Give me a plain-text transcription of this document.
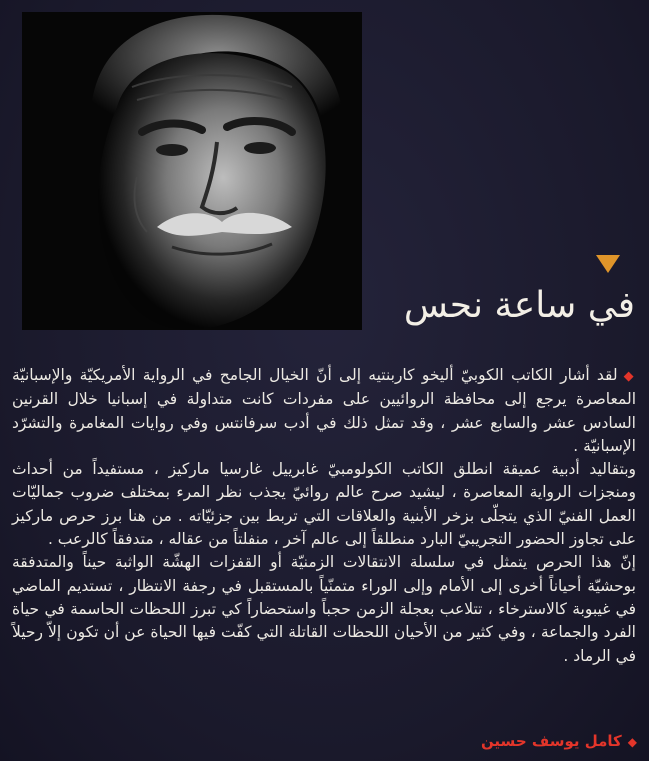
في ساعة نحس

◆لقد أشار الكاتب الكوبيّ أليخو كاربنتيه إلى أنّ الخيال الجامح في الرواية الأمريكيّة والإسبانيّة المعاصرة يرجع إلى محافظة الروائيين على مفردات كانت متداولة في إسبانيا خلال القرنين السادس عشر والسابع عشر ، وقد تمثل ذلك في أدب سرفانتس وفي روايات المغامرة والتشرّد الإسبانيّة .

وبتقاليد أدبية عميقة انطلق الكاتب الكولومبيّ غابرييل غارسيا ماركيز ، مستفيداً من أحداث ومنجزات الرواية المعاصرة ، ليشيد صرح عالم روائيّ يجذب نظر المرء بمختلف ضروب جماليّات العمل الفنيّ الذي يتجلّى بزخر الأبنية والعلاقات التي تربط بين جزئيّاته . من هنا برز حرص ماركيز على تجاوز الحضور التجريبيّ البارد منطلقاً إلى عالم آخر ، منفلتاً من عقاله ، متدفقاً كالرعب .

إنّ هذا الحرص يتمثل في سلسلة الانتقالات الزمنيّة أو القفزات الهشّة الواثبة حيناً والمتدفقة بوحشيّة أحياناً أخرى إلى الأمام وإلى الوراء متمنّياً بالمستقبل في رجفة الانتظار ، تستديم الماضي في غيبوبة كالاسترخاء ، تتلاعب بعجلة الزمن حجباً واستحضاراً كي تبرز اللحظات الحاسمة في حياة الفرد والجماعة ، وفي كثير من الأحيان اللحظات القاتلة التي كفّت فيها الحياة عن أن تكون إلاّ رحيلاً في الرماد .

◆كامل يوسف حسين
